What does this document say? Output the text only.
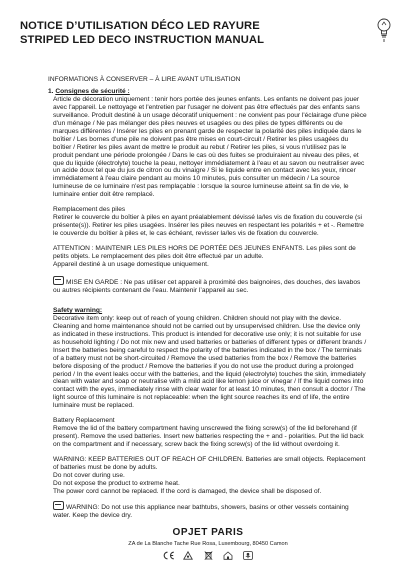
NOTICE D’UTILISATION DÉCO LED RAYURE

STRIPED LED DECO INSTRUCTION MANUAL

INFORMATIONS À CONSERVER – À LIRE AVANT UTILISATION

1. Consignes de sécurité :

Article de décoration uniquement : tenir hors portée des jeunes enfants. Les enfants ne doivent pas jouer avec l'appareil. Le nettoyage et l'entretien par l'usager ne doivent pas être effectués par des enfants sans surveillance. Produit destiné à un usage décoratif uniquement : ne convient pas pour l'éclairage d'une pièce d'un ménage / Ne pas mélanger des piles neuves et usagées ou des piles de types différents ou de marques différentes / Insérer les piles en prenant garde de respecter la polarité des piles indiquée dans le boîtier / Les bornes d'une pile ne doivent pas être mises en court-circuit / Retirer les piles usagées du boîtier / Retirer les piles avant de mettre le produit au rebut / Retirer les piles, si vous n'utilisez pas le produit pendant une période prolongée / Dans le cas où des fuites se produiraient au niveau des piles, et que du liquide (électrolyte) touche la peau, nettoyer immédiatement à l'eau et au savon ou neutraliser avec un acide doux tel que du jus de citron ou du vinaigre / Si le liquide entre en contact avec les yeux, rincer immédiatement à l'eau claire pendant au moins 10 minutes, puis consulter un médecin / La source lumineuse de ce luminaire n'est pas remplaçable : lorsque la source lumineuse atteint sa fin de vie, le luminaire entier doit être remplacé.

Remplacement des piles

Retirer le couvercle du boîtier à piles en ayant préalablement dévissé la/les vis de fixation du couvercle (si présente(s)). Retirer les piles usagées. Insérer les piles neuves en respectant les polarités + et -. Remettre le couvercle du boîtier à piles et, le cas échéant, revisser la/les vis de fixation du couvercle.

ATTENTION : MAINTENIR LES PILES HORS DE PORTÉE DES JEUNES ENFANTS. Les piles sont de petits objets. Le remplacement des piles doit être effectué par un adulte.

Appareil destiné à un usage domestique uniquement.

MISE EN GARDE : Ne pas utiliser cet appareil à proximité des baignoires, des douches, des lavabos ou autres récipients contenant de l’eau. Maintenir l’appareil au sec.

Safety warning:

Decorative item only: keep out of reach of young children. Children should not play with the device. Cleaning and home maintenance should not be carried out by unsupervised children. Use the device only as indicated in these instructions. This product is intended for decorative use only; it is not suitable for use as household lighting / Do not mix new and used batteries or batteries of different types or different brands / Insert the batteries being careful to respect the polarity of the batteries indicated in the box / The terminals of a battery must not be short-circuited / Remove the used batteries from the box / Remove the batteries before disposing of the product / Remove the batteries if you do not use the product during a prolonged period / In the event leaks occur with the batteries, and the liquid (electrolyte) touches the skin, immediately clean with water and soap or neutralise with a mild acid like lemon juice or vinegar / If the liquid comes into contact with the eyes, immediately rinse with clear water for at least 10 minutes, then consult a doctor / The light source of this luminaire is not replaceable: when the light source reaches its end of life, the entire luminaire must be replaced.

Battery Replacement

Remove the lid of the battery compartment having unscrewed the fixing screw(s) of the lid beforehand (if present). Remove the used batteries. Insert new batteries respecting the + and - polarities. Put the lid back on the compartment and if necessary, screw back the fixing screw(s) of the lid without overdoing it.

WARNING: KEEP BATTERIES OUT OF REACH OF CHILDREN. Batteries are small objects. Replacement of batteries must be done by adults.

Do not cover during use.

Do not expose the product to extreme heat.

The power cord cannot be replaced. If the cord is damaged, the device shall be disposed of.

WARNING: Do not use this appliance near bathtubs, showers, basins or other vessels containing water. Keep the device dry.

OPJET PARIS
ZA de La Blanche Tache Rue Rosa, Luxembourg, 80450 Camon
